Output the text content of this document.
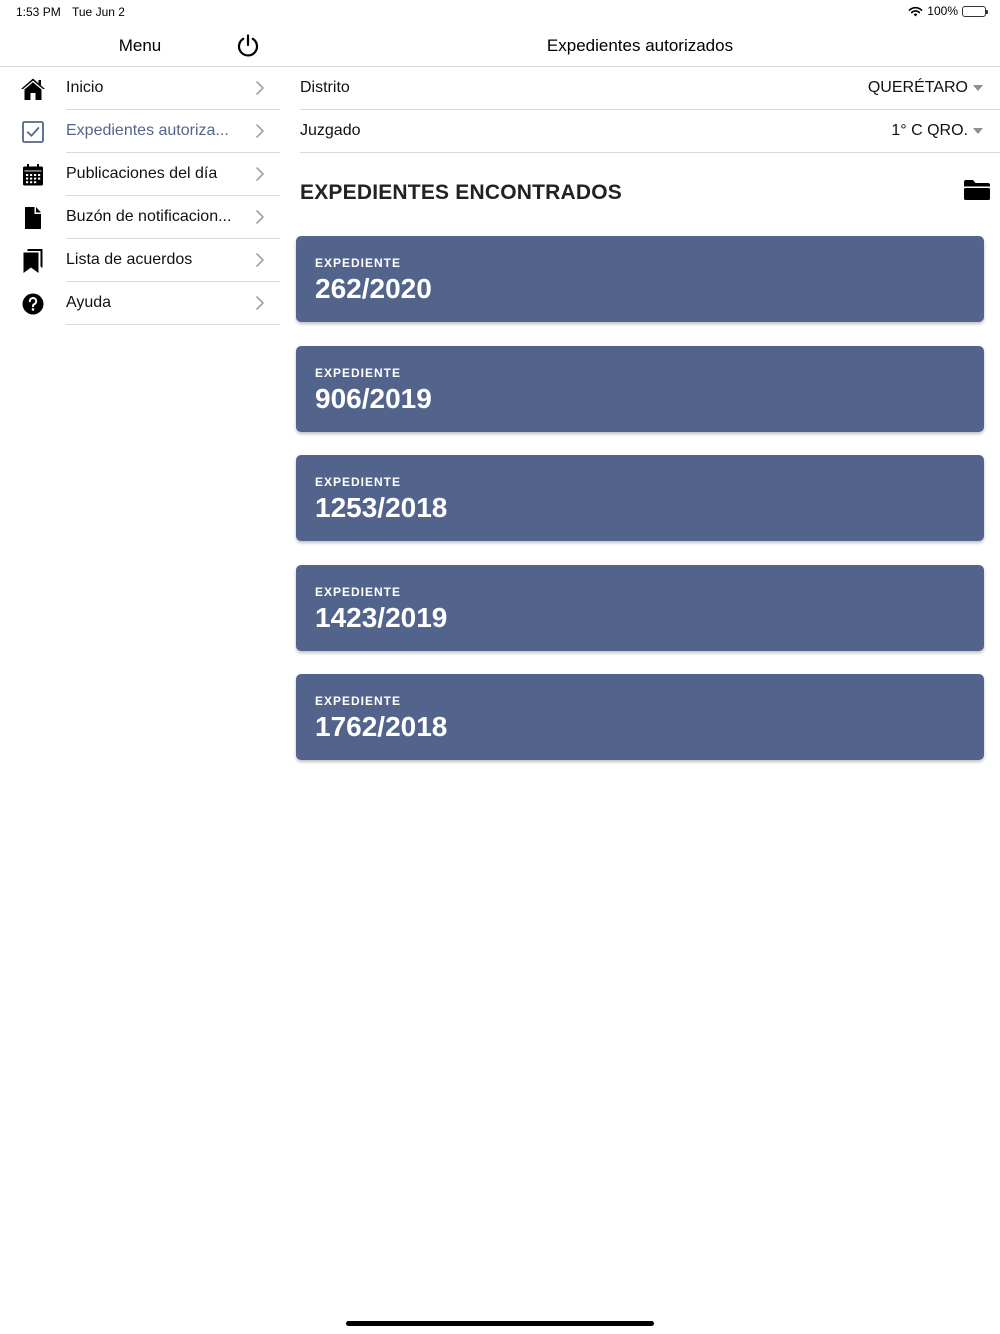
1:53 PM Tue Jun 2	100%
Menu
Inicio
Expedientes autoriza...
Publicaciones del día
Buzón de notificacion...
Lista de acuerdos
Ayuda
Expedientes autorizados
Distrito	QUERÉTARO
Juzgado	1° C QRO.
EXPEDIENTES ENCONTRADOS
EXPEDIENTE
262/2020
EXPEDIENTE
906/2019
EXPEDIENTE
1253/2018
EXPEDIENTE
1423/2019
EXPEDIENTE
1762/2018
